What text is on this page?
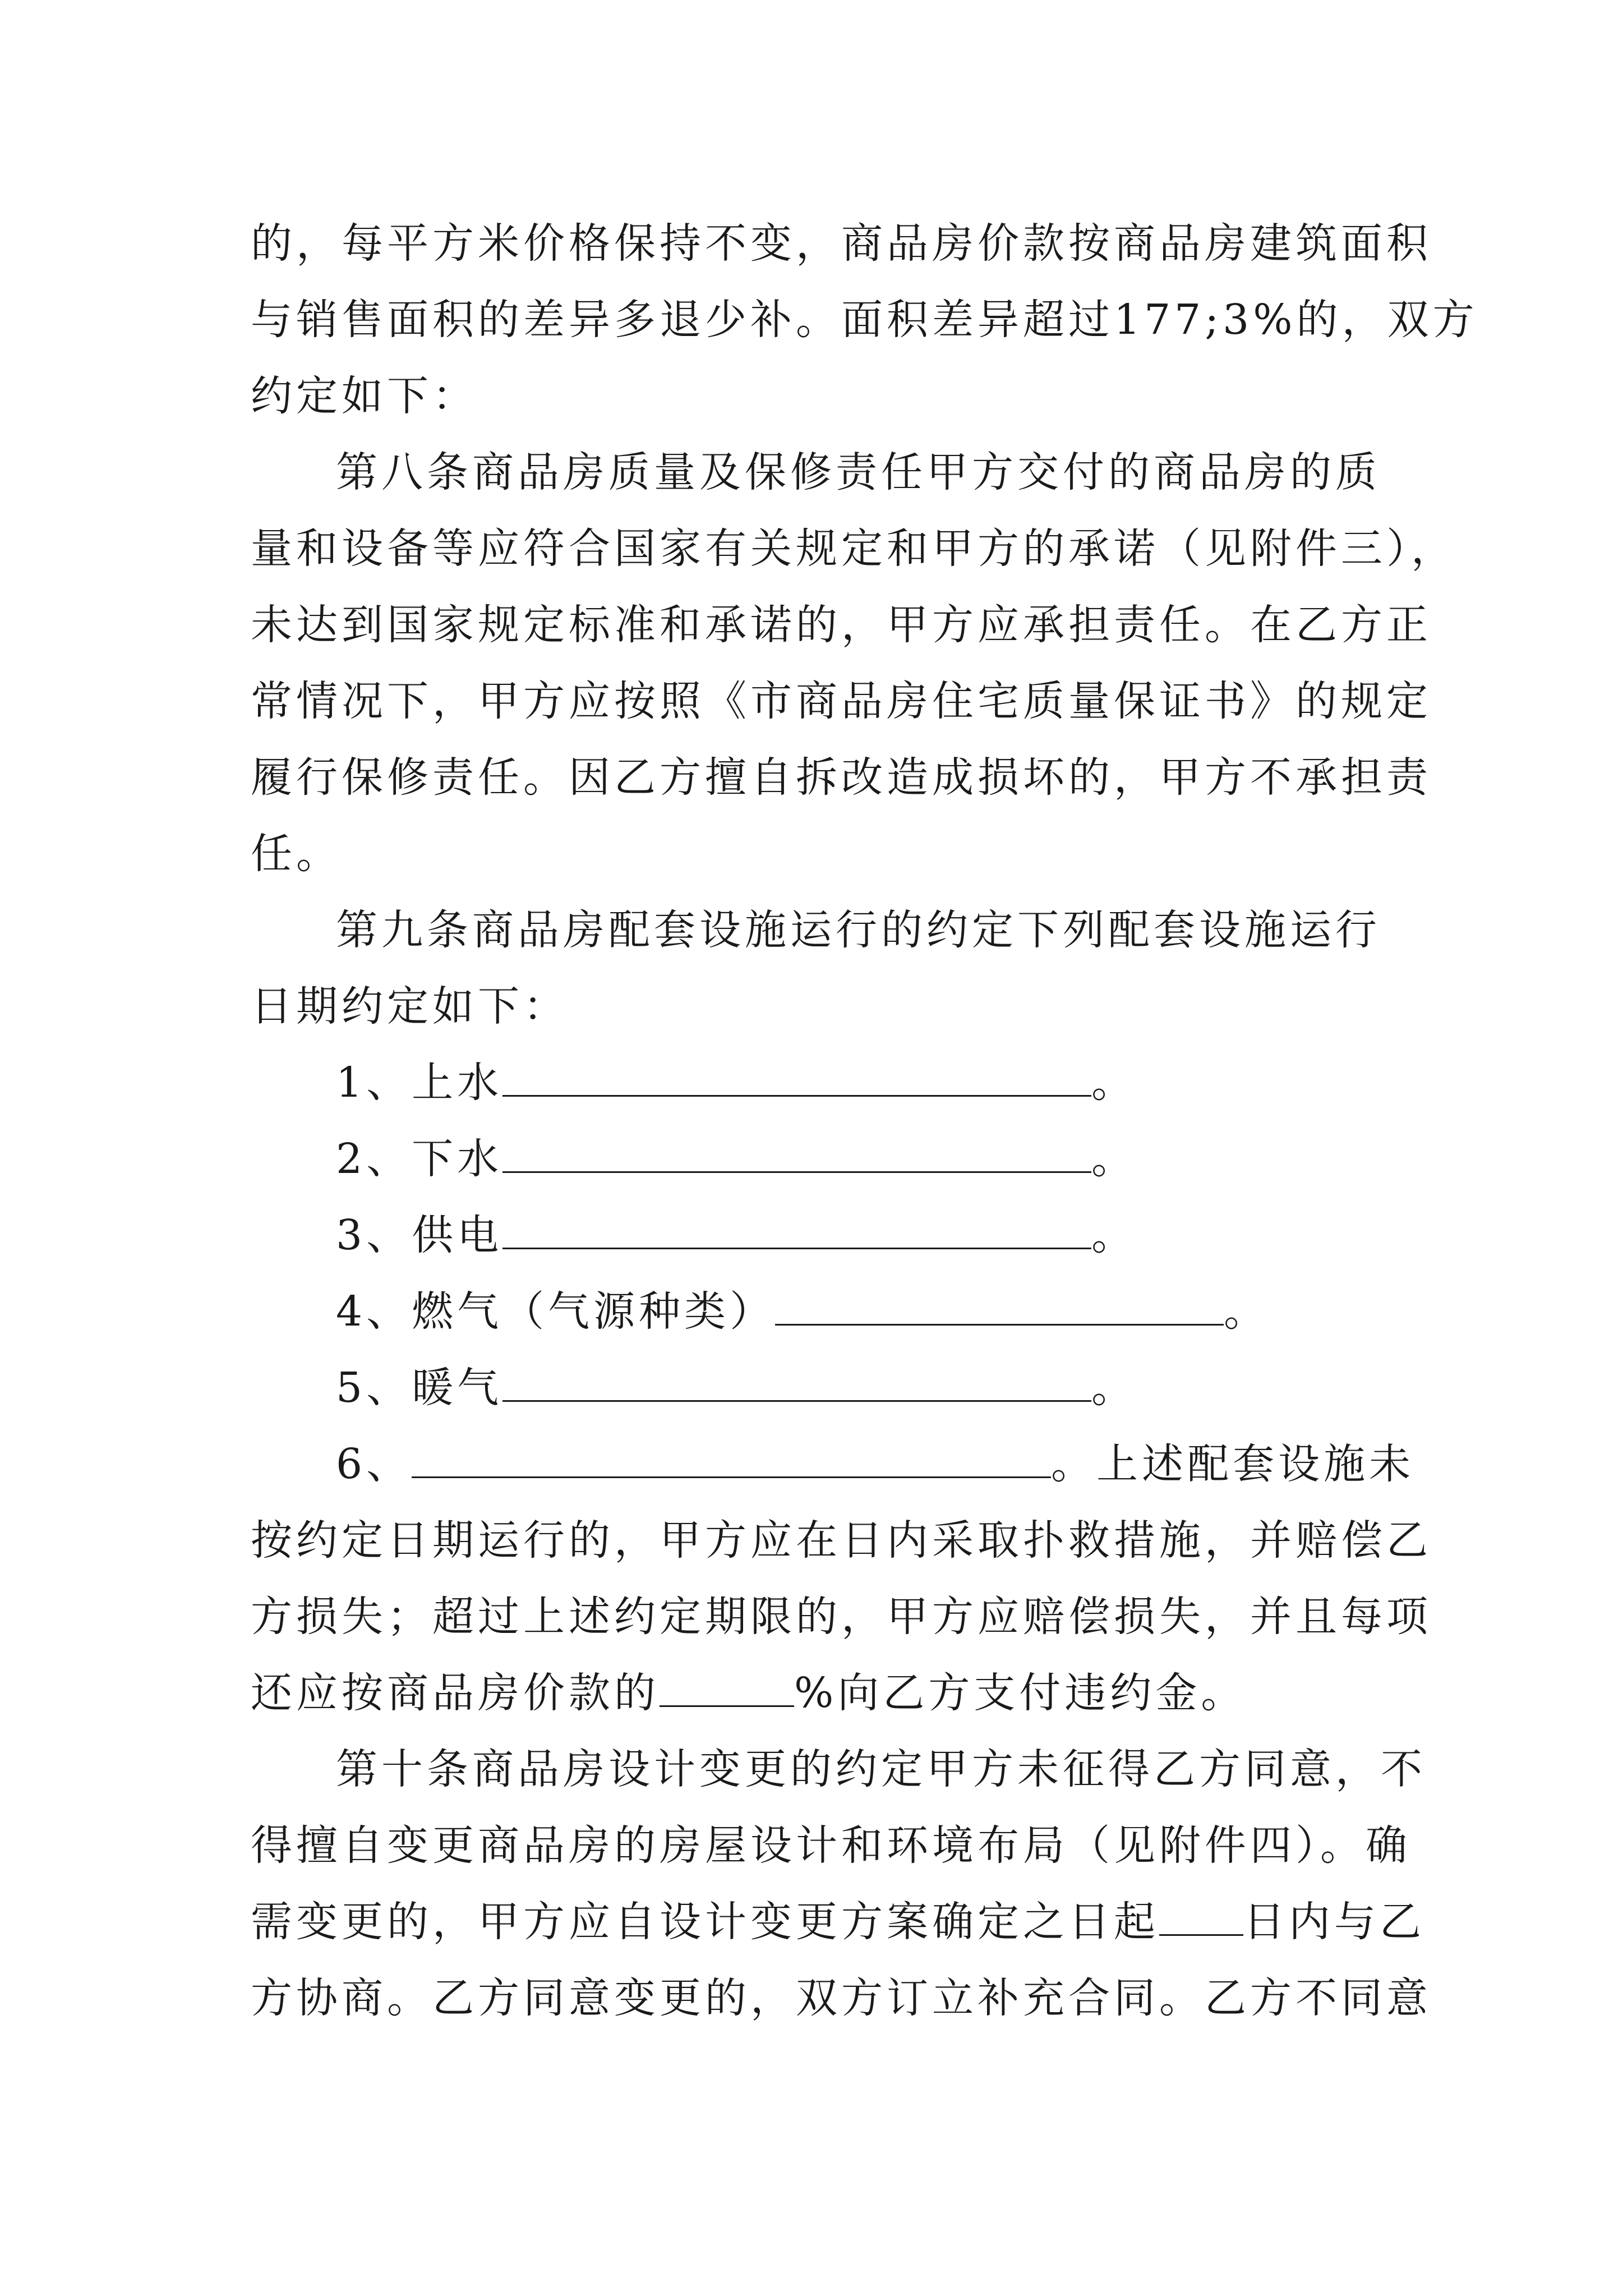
的，每平方米价格保持不变，商品房价款按商品房建筑面积
与销售面积的差异多退少补。面积差异超过177;3%的，双方
约定如下：
第八条商品房质量及保修责任甲方交付的商品房的质
量和设备等应符合国家有关规定和甲方的承诺（见附件三），
未达到国家规定标准和承诺的，甲方应承担责任。在乙方正
常情况下，甲方应按照《市商品房住宅质量保证书》的规定
履行保修责任。因乙方擅自拆改造成损坏的，甲方不承担责
任。
第九条商品房配套设施运行的约定下列配套设施运行
日期约定如下：
1、上水	。
2、下水	。
3、供电	。
4、燃气（气源种类）	。
5、暖气	。
6、	。上述配套设施未
按约定日期运行的，甲方应在日内采取扑救措施，并赔偿乙
方损失；超过上述约定期限的，甲方应赔偿损失，并且每项
还应按商品房价款的	%向乙方支付违约金。
第十条商品房设计变更的约定甲方未征得乙方同意，不
得擅自变更商品房的房屋设计和环境布局（见附件四）。确
需变更的，甲方应自设计变更方案确定之日起 日内与乙
方协商。乙方同意变更的，双方订立补充合同。乙方不同意
